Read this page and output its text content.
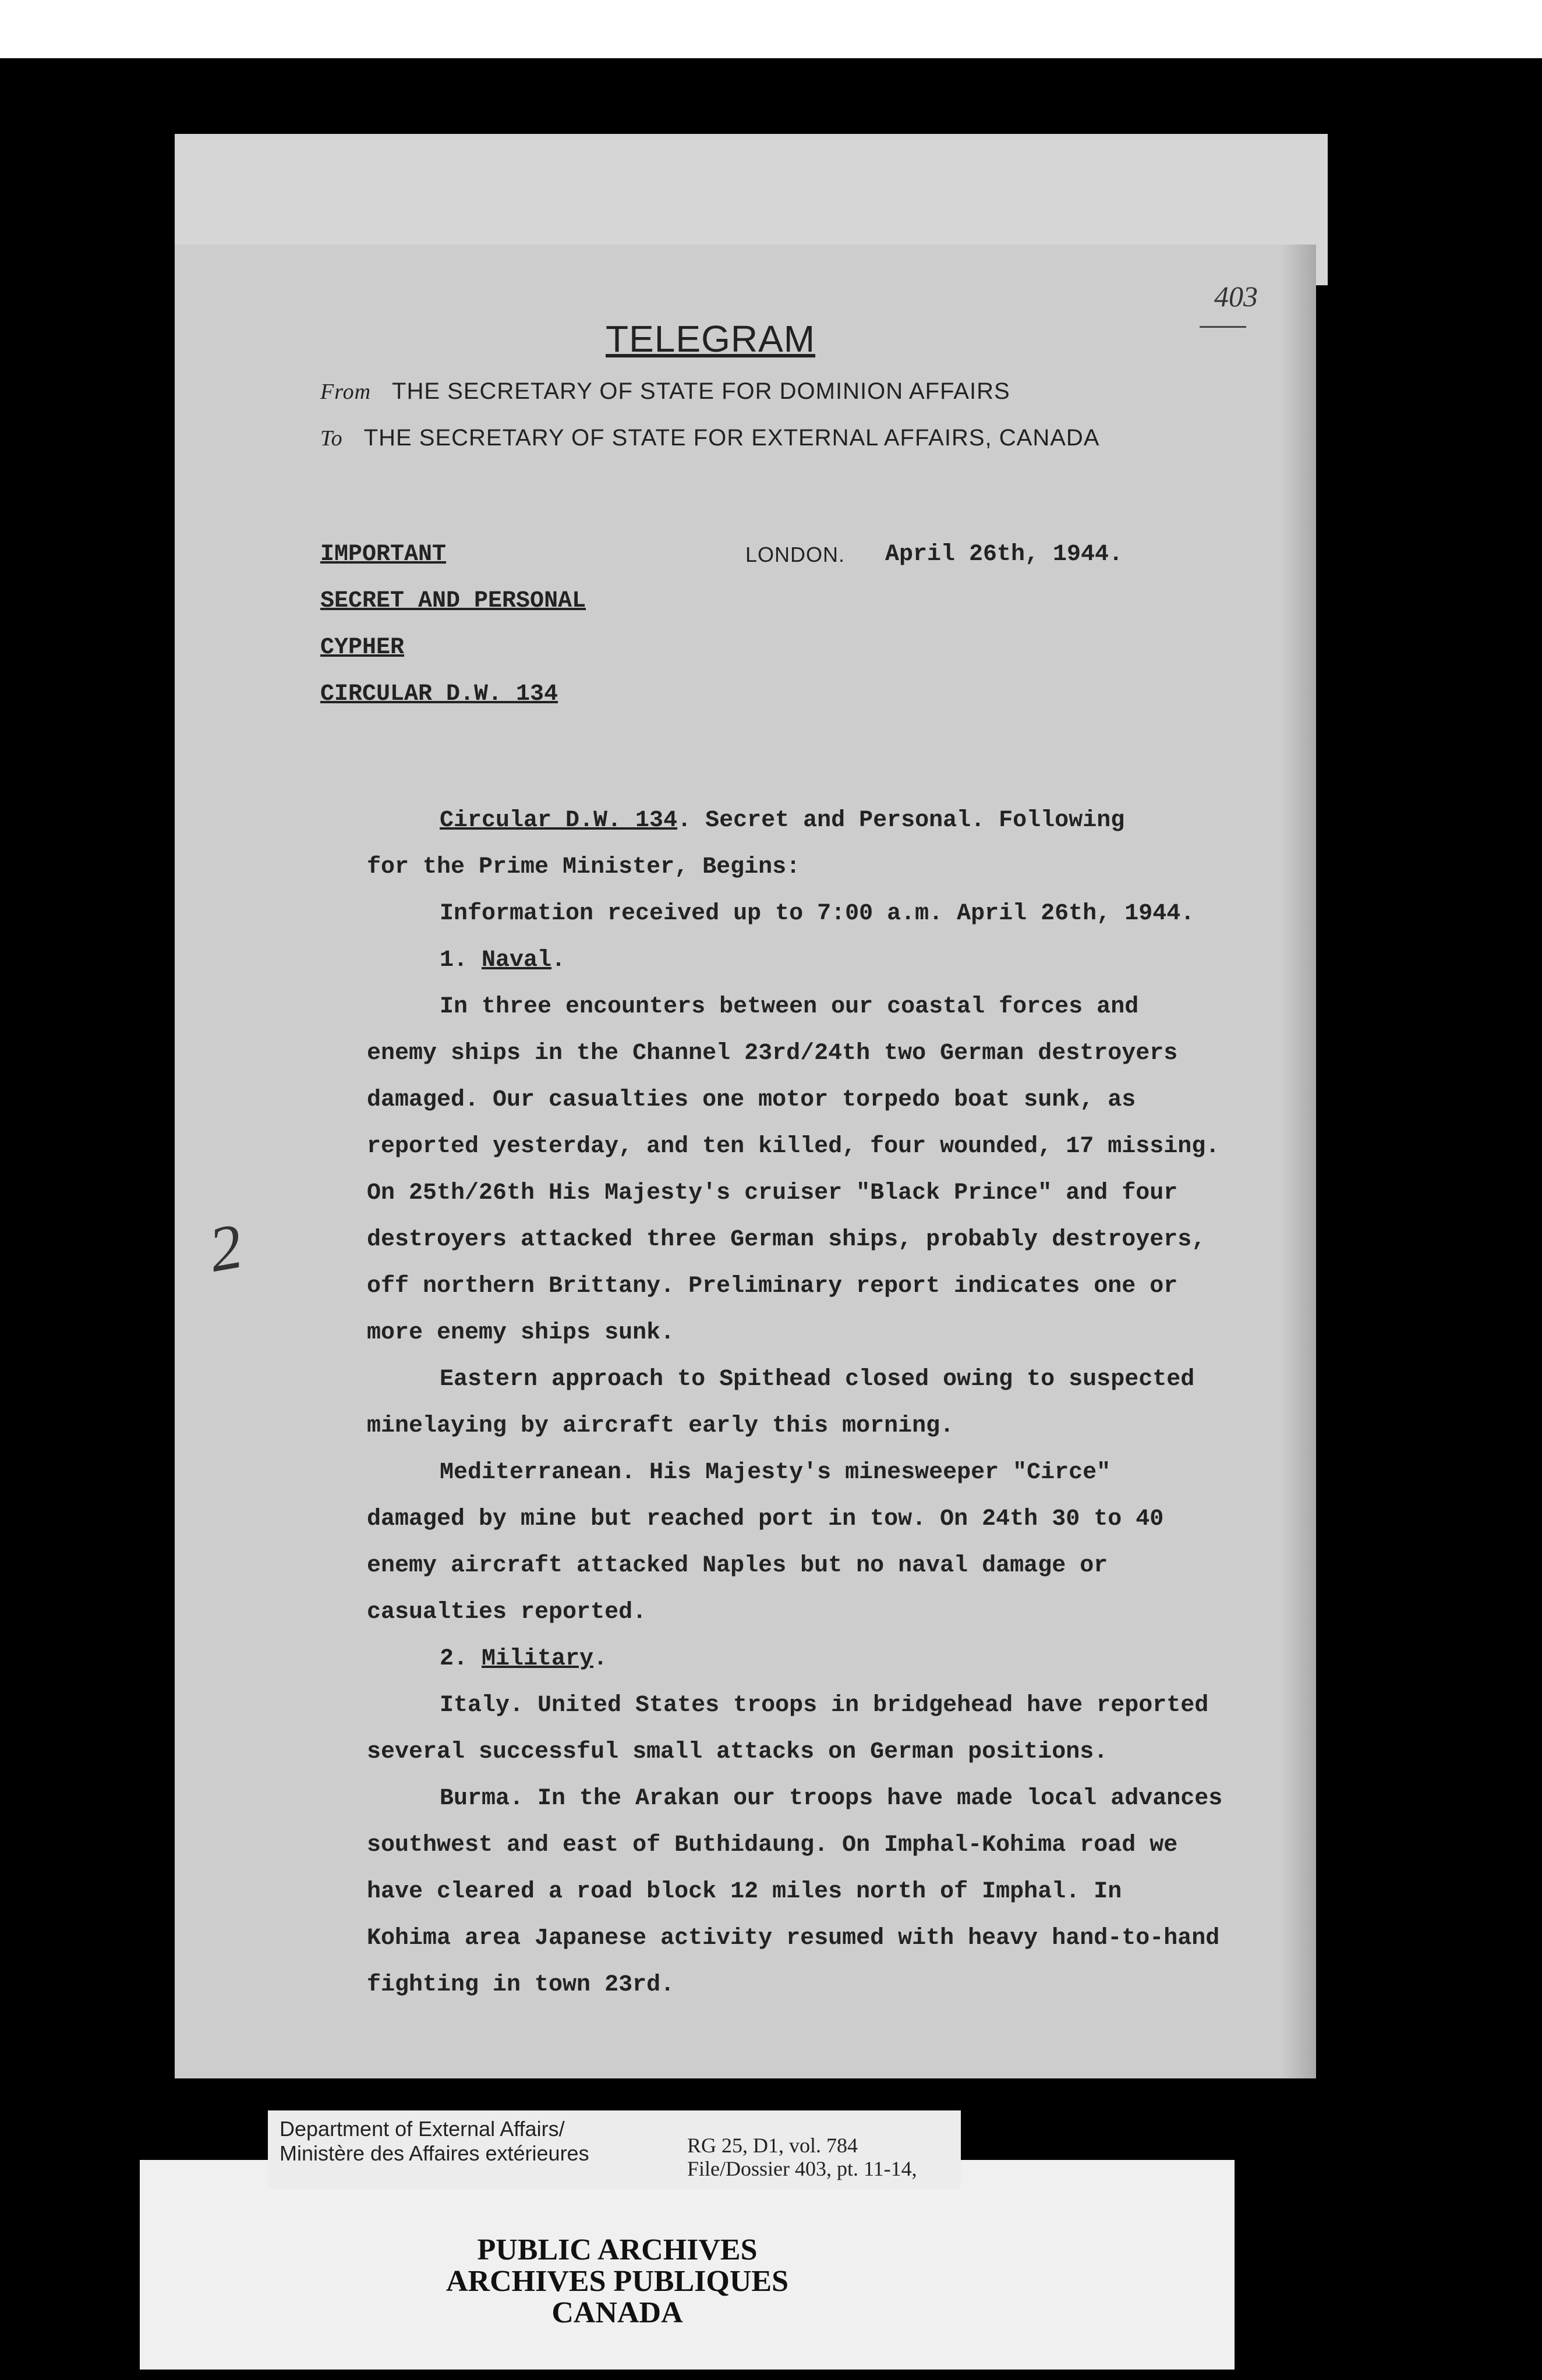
403
TELEGRAM
From THE SECRETARY OF STATE FOR DOMINION AFFAIRS
To THE SECRETARY OF STATE FOR EXTERNAL AFFAIRS, CANADA
IMPORTANT
SECRET AND PERSONAL
CYPHER
CIRCULAR D.W. 134
LONDON. April 26th, 1944.
Circular D.W. 134. Secret and Personal. Following
for the Prime Minister, Begins:
Information received up to 7:00 a.m. April 26th, 1944.
1. Naval.
In three encounters between our coastal forces and
enemy ships in the Channel 23rd/24th two German destroyers
damaged. Our casualties one motor torpedo boat sunk, as
reported yesterday, and ten killed, four wounded, 17 missing.
On 25th/26th His Majesty's cruiser "Black Prince" and four
destroyers attacked three German ships, probably destroyers,
off northern Brittany. Preliminary report indicates one or
more enemy ships sunk.
Eastern approach to Spithead closed owing to suspected
minelaying by aircraft early this morning.
Mediterranean. His Majesty's minesweeper "Circe"
damaged by mine but reached port in tow. On 24th 30 to 40
enemy aircraft attacked Naples but no naval damage or
casualties reported.
2. Military.
Italy. United States troops in bridgehead have reported
several successful small attacks on German positions.
Burma. In the Arakan our troops have made local advances
southwest and east of Buthidaung. On Imphal-Kohima road we
have cleared a road block 12 miles north of Imphal. In
Kohima area Japanese activity resumed with heavy hand-to-hand
fighting in town 23rd.
2
Department of External Affairs/
Ministère des Affaires extérieures	RG 25, D1, vol. 784
File/Dossier 403, pt. 11-14,
PUBLIC ARCHIVES
ARCHIVES PUBLIQUES
CANADA
